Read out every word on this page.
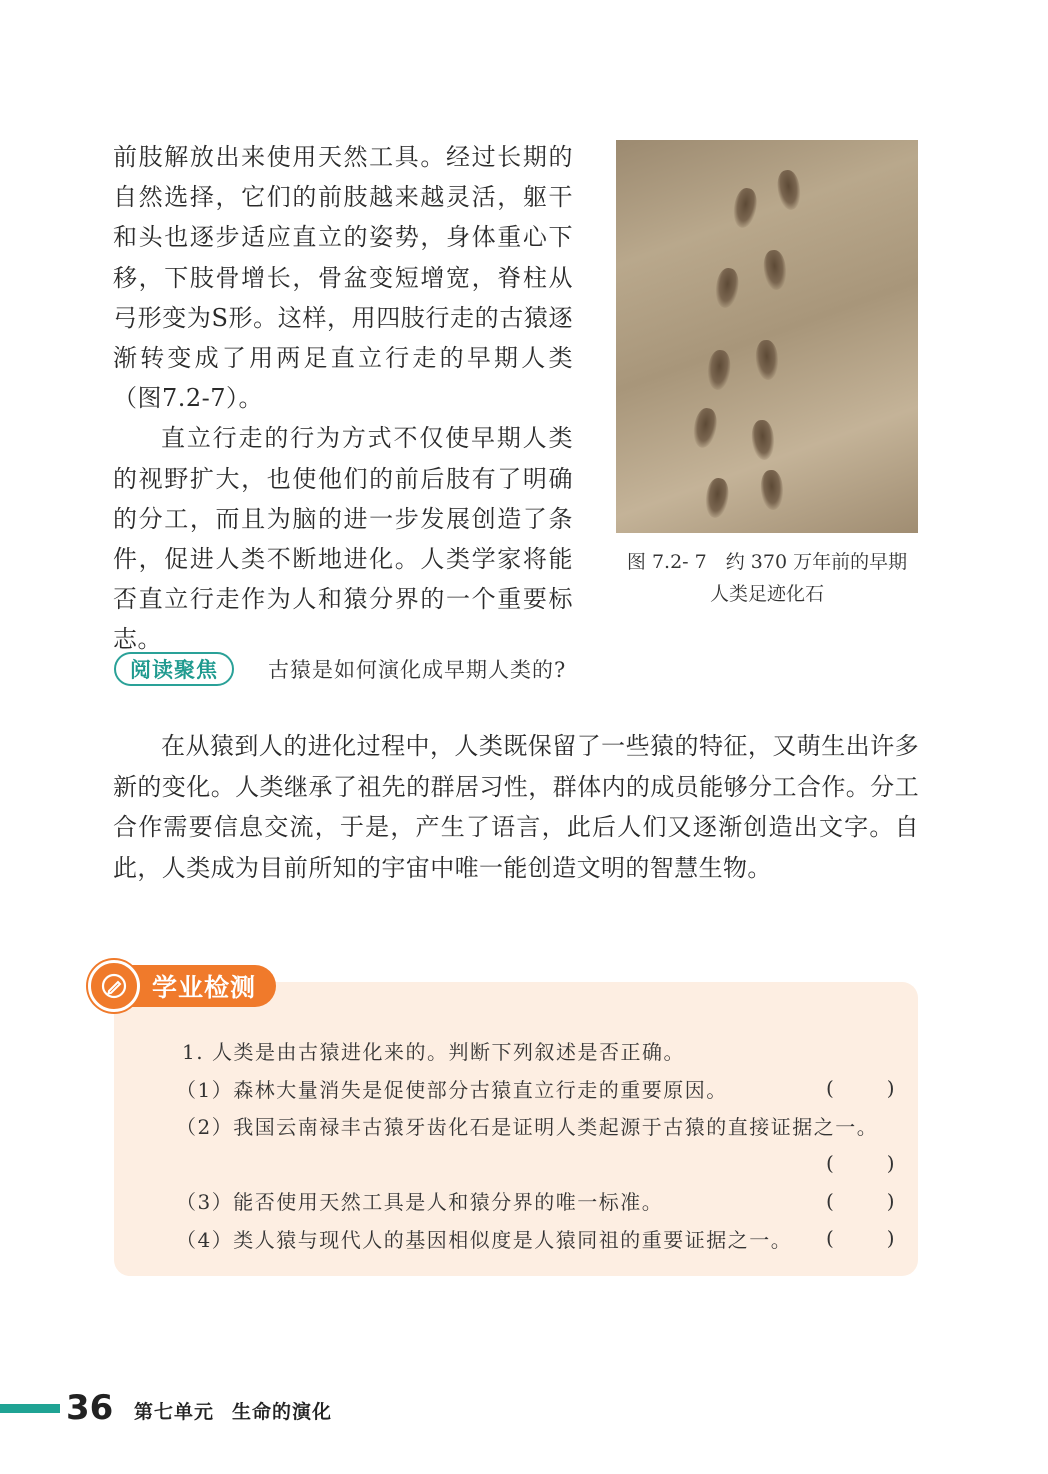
前肢解放出来使用天然工具。经过长期的自然选择，它们的前肢越来越灵活，躯干和头也逐步适应直立的姿势，身体重心下移，下肢骨增长，骨盆变短增宽，脊柱从弓形变为S形。这样，用四肢行走的古猿逐渐转变成了用两足直立行走的早期人类（图7.2-7）。

直立行走的行为方式不仅使早期人类的视野扩大，也使他们的前后肢有了明确的分工，而且为脑的进一步发展创造了条件，促进人类不断地进化。人类学家将能否直立行走作为人和猿分界的一个重要标志。

图 7.2- 7　约 370 万年前的早期
人类足迹化石
阅读聚焦	古猿是如何演化成早期人类的?

在从猿到人的进化过程中，人类既保留了一些猿的特征，又萌生出许多新的变化。人类继承了祖先的群居习性，群体内的成员能够分工合作。分工合作需要信息交流，于是，产生了语言，此后人们又逐渐创造出文字。自此，人类成为目前所知的宇宙中唯一能创造文明的智慧生物。

学业检测
1. 人类是由古猿进化来的。判断下列叙述是否正确。
（1）森林大量消失是促使部分古猿直立行走的重要原因。	(	)
（2）我国云南禄丰古猿牙齿化石是证明人类起源于古猿的直接证据之一。
(	)
（3）能否使用天然工具是人和猿分界的唯一标准。	(	)
（4）类人猿与现代人的基因相似度是人猿同祖的重要证据之一。 (	)
36 第七单元 生命的演化
